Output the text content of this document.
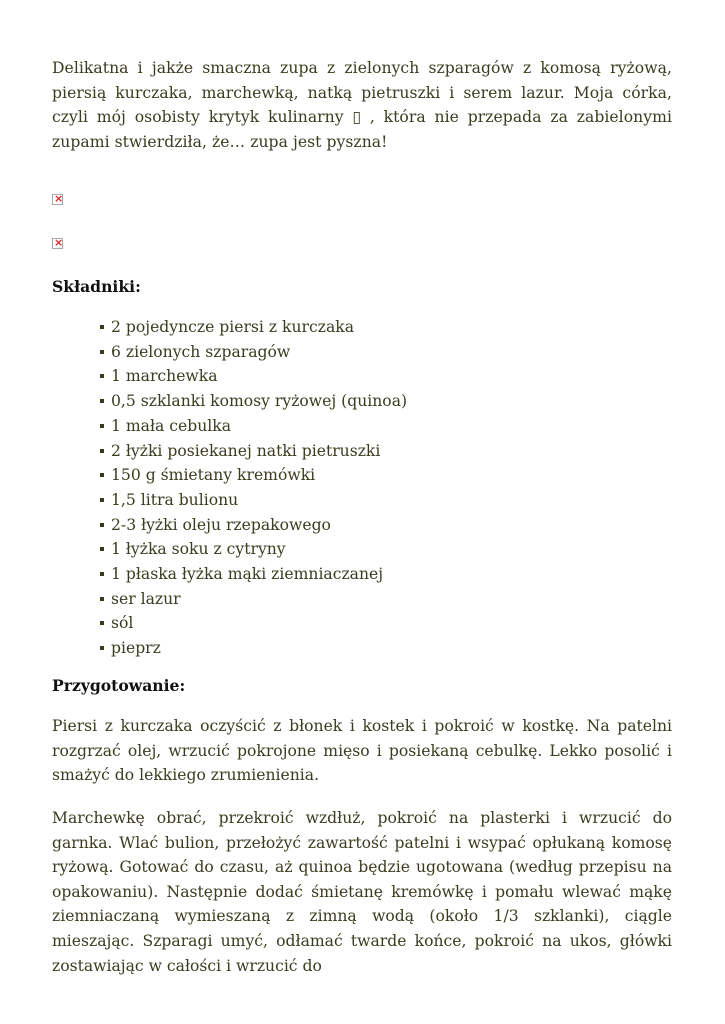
Delikatna i jakże smaczna zupa z zielonych szparagów z komosą ryżową, piersią kurczaka, marchewką, natką pietruszki i serem lazur. Moja córka, czyli mój osobisty krytyk kulinarny ▯ , która nie przepada za zabielonymi zupami stwierdziła, że… zupa jest pyszna!

×
×
Składniki:
2 pojedyncze piersi z kurczaka
6 zielonych szparagów
1 marchewka
0,5 szklanki komosy ryżowej (quinoa)
1 mała cebulka
2 łyżki posiekanej natki pietruszki
150 g śmietany kremówki
1,5 litra bulionu
2-3 łyżki oleju rzepakowego
1 łyżka soku z cytryny
1 płaska łyżka mąki ziemniaczanej
ser lazur
sól
pieprz
Przygotowanie:

Piersi z kurczaka oczyścić z błonek i kostek i pokroić w kostkę. Na patelni rozgrzać olej, wrzucić pokrojone mięso i posiekaną cebulkę. Lekko posolić i smażyć do lekkiego zrumienienia.

Marchewkę obrać, przekroić wzdłuż, pokroić na plasterki i wrzucić do garnka. Wlać bulion, przełożyć zawartość patelni i wsypać opłukaną komosę ryżową. Gotować do czasu, aż quinoa będzie ugotowana (według przepisu na opakowaniu). Następnie dodać śmietanę kremówkę i pomału wlewać mąkę ziemniaczaną wymieszaną z zimną wodą (około 1/3 szklanki), ciągle mieszając. Szparagi umyć, odłamać twarde końce, pokroić na ukos, główki zostawiając w całości i wrzucić do
